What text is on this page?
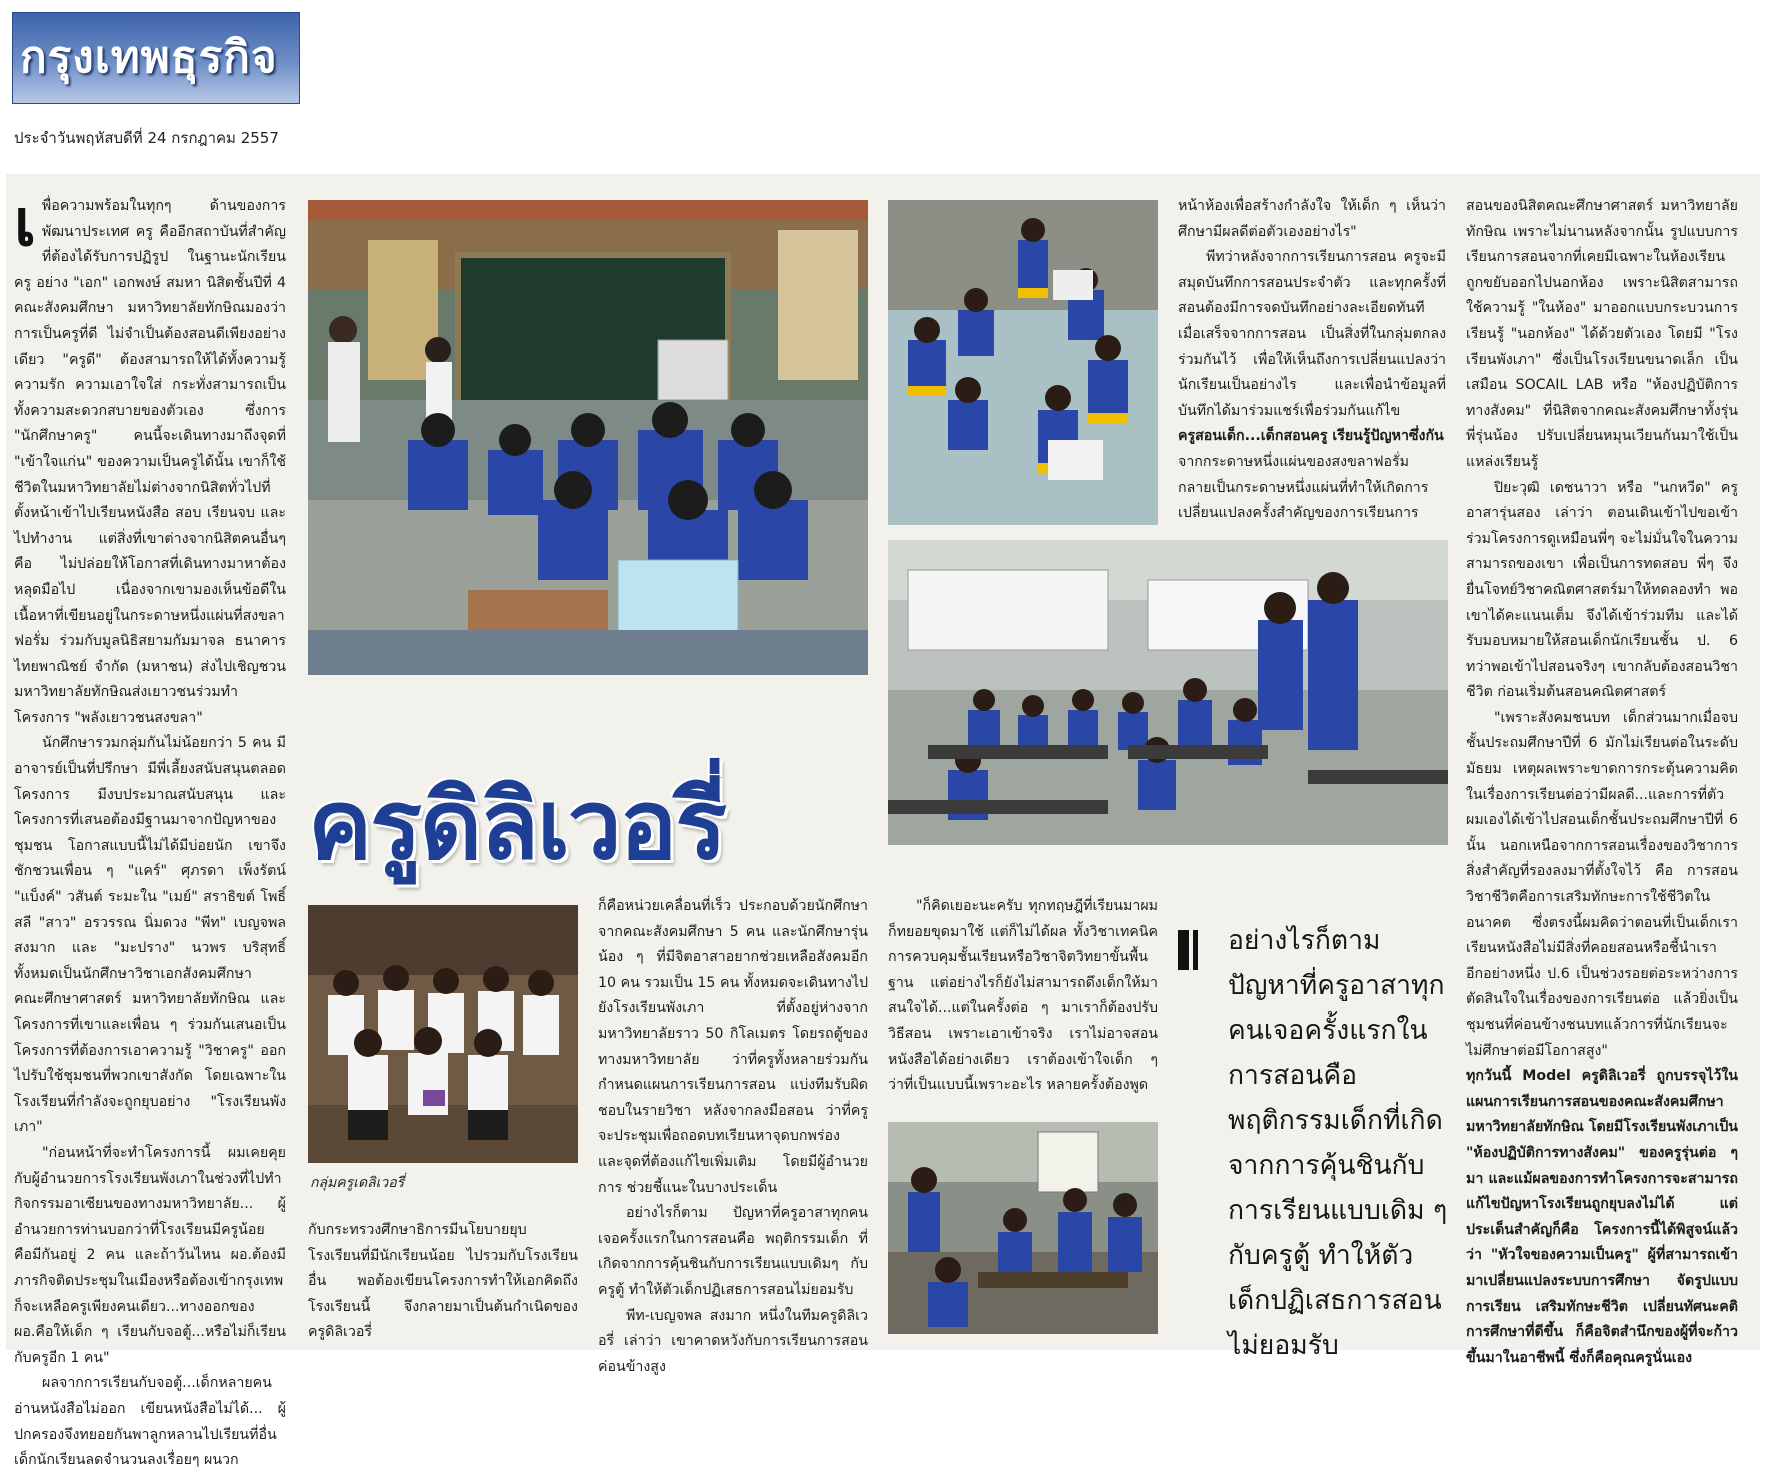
กรุงเทพธุรกิจ
ประจำวันพฤหัสบดีที่ 24 กรกฎาคม 2557
เ พื่อความพร้อมในทุกๆ ด้านของการพัฒนาประเทศ ครู คืออีกสถาบันที่สำคัญที่ต้องได้รับการปฏิรูป ในฐานะนักเรียนครู อย่าง "เอก" เอกพงษ์ สมหา นิสิตชั้นปีที่ 4 คณะสังคมศึกษา มหาวิทยาลัยทักษิณมองว่า การเป็นครูที่ดี ไม่จำเป็นต้องสอนดีเพียงอย่างเดียว "ครูดี" ต้องสามารถให้ได้ทั้งความรู้ ความรัก ความเอาใจใส่ กระทั่งสามารถเป็นทั้งความสะดวกสบายของตัวเอง ซึ่งการ "นักศึกษาครู" คนนี้จะเดินทางมาถึงจุดที่ "เข้าใจแก่น" ของความเป็นครูได้นั้น เขาก็ใช้ชีวิตในมหาวิทยาลัยไม่ต่างจากนิสิตทั่วไปที่ตั้งหน้าเข้าไปเรียนหนังสือ สอบ เรียนจบ และไปทำงาน แต่สิ่งที่เขาต่างจากนิสิตคนอื่นๆ คือ ไม่ปล่อยให้โอกาสที่เดินทางมาหาต้องหลุดมือไป เนื่องจากเขามองเห็นข้อดีในเนื้อหาที่เขียนอยู่ในกระดาษหนึ่งแผ่นที่สงขลาฟอรั่ม ร่วมกับมูลนิธิสยามกัมมาจล ธนาคารไทยพาณิชย์ จำกัด (มหาชน) ส่งไปเชิญชวนมหาวิทยาลัยทักษิณส่งเยาวชนร่วมทำโครงการ "พลังเยาวชนสงขลา"

นักศึกษารวมกลุ่มกันไม่น้อยกว่า 5 คน มีอาจารย์เป็นที่ปรึกษา มีพี่เลี้ยงสนับสนุนตลอดโครงการ มีงบประมาณสนับสนุน และโครงการที่เสนอต้องมีฐานมาจากปัญหาของชุมชน โอกาสแบบนี้ไม่ได้มีบ่อยนัก เขาจึงชักชวนเพื่อน ๆ "แคร์" ศุภรดา เพ็งรัตน์ "แบ็งค์" วสันต์ ระมะใน "เมย์" สราธิขต์ โพธิ์สลี "สาว" อรวรรณ นิ่มดวง "พีท" เบญจพล สงมาก และ "มะปราง" นวพร บริสุทธิ์ ทั้งหมดเป็นนักศึกษาวิชาเอกสังคมศึกษา คณะศึกษาศาสตร์ มหาวิทยาลัยทักษิณ และโครงการที่เขาและเพื่อน ๆ ร่วมกันเสนอเป็นโครงการที่ต้องการเอาความรู้ "วิชาครู" ออกไปรับใช้ชุมชนที่พวกเขาสังกัด โดยเฉพาะในโรงเรียนที่กำลังจะถูกยุบอย่าง "โรงเรียนพังเภา"

"ก่อนหน้าที่จะทำโครงการนี้ ผมเคยคุยกับผู้อำนวยการโรงเรียนพังเภาในช่วงที่ไปทำกิจกรรมอาเซียนของทางมหาวิทยาลัย... ผู้อำนวยการท่านบอกว่าที่โรงเรียนมีครูน้อย คือมีกันอยู่ 2 คน และถ้าวันไหน ผอ.ต้องมีภารกิจติดประชุมในเมืองหรือต้องเข้ากรุงเทพก็จะเหลือครูเพียงคนเดียว...ทางออกของ ผอ.คือให้เด็ก ๆ เรียนกับจอตู้...หรือไม่ก็เรียนกับครูอีก 1 คน"

ผลจากการเรียนกับจอตู้...เด็กหลายคนอ่านหนังสือไม่ออก เขียนหนังสือไม่ได้... ผู้ปกครองจึงทยอยกันพาลูกหลานไปเรียนที่อื่น เด็กนักเรียนลดจำนวนลงเรื่อยๆ ผนวก

ครูดิลิเวอรี่

หน้าห้องเพื่อสร้างกำลังใจ ให้เด็ก ๆ เห็นว่าศึกษามีผลดีต่อตัวเองอย่างไร"

พีทว่าหลังจากการเรียนการสอน ครูจะมีสมุดบันทึกการสอนประจำตัว และทุกครั้งที่สอนต้องมีการจดบันทึกอย่างละเอียดทันที เมื่อเสร็จจากการสอน เป็นสิ่งที่ในกลุ่มตกลงร่วมกันไว้ เพื่อให้เห็นถึงการเปลี่ยนแปลงว่านักเรียนเป็นอย่างไร และเพื่อนำข้อมูลที่บันทึกได้มาร่วมแชร์เพื่อร่วมกันแก้ไข

ครูสอนเด็ก...เด็กสอนครู เรียนรู้ปัญหาซึ่งกัน

จากกระดาษหนึ่งแผ่นของสงขลาฟอรั่ม กลายเป็นกระดาษหนึ่งแผ่นที่ทำให้เกิดการเปลี่ยนแปลงครั้งสำคัญของการเรียนการ

กลุ่มครูเดลิเวอรี่

กับกระทรวงศึกษาธิการมีนโยบายยุบโรงเรียนที่มีนักเรียนน้อย ไปรวมกับโรงเรียนอื่น พอต้องเขียนโครงการทำให้เอกคิดถึงโรงเรียนนี้ จึงกลายมาเป็นต้นกำเนิดของ ครูดิลิเวอรี่

ก็คือหน่วยเคลื่อนที่เร็ว ประกอบด้วยนักศึกษาจากคณะสังคมศึกษา 5 คน และนักศึกษารุ่นน้อง ๆ ที่มีจิตอาสาอยากช่วยเหลือสังคมอีก 10 คน รวมเป็น 15 คน ทั้งหมดจะเดินทางไปยังโรงเรียนพังเภา ที่ตั้งอยู่ห่างจากมหาวิทยาลัยราว 50 กิโลเมตร โดยรถตู้ของทางมหาวิทยาลัย ว่าที่ครูทั้งหลายร่วมกันกำหนดแผนการเรียนการสอน แบ่งทีมรับผิดชอบในรายวิชา หลังจากลงมือสอน ว่าที่ครูจะประชุมเพื่อถอดบทเรียนหาจุดบกพร่อง และจุดที่ต้องแก้ไขเพิ่มเติม โดยมีผู้อำนวยการ ช่วยชี้แนะในบางประเด็น

อย่างไรก็ตาม ปัญหาที่ครูอาสาทุกคนเจอครั้งแรกในการสอนคือ พฤติกรรมเด็ก ที่เกิดจากการคุ้นชินกับการเรียนแบบเดิมๆ กับครูตู้ ทำให้ตัวเด็กปฏิเสธการสอนไม่ยอมรับ

พีท-เบญจพล สงมาก หนึ่งในทีมครูดิลิเวอรี่ เล่าว่า เขาคาดหวังกับการเรียนการสอนค่อนข้างสูง

"ก็คิดเยอะนะครับ ทุกทฤษฎีที่เรียนมาผมก็ทยอยขุดมาใช้ แต่ก็ไม่ได้ผล ทั้งวิชาเทคนิคการควบคุมชั้นเรียนหรือวิชาจิตวิทยาขั้นพื้นฐาน แต่อย่างไรก็ยังไม่สามารถดึงเด็กให้มาสนใจได้...แต่ในครั้งต่อ ๆ มาเราก็ต้องปรับวิธีสอน เพราะเอาเข้าจริง เราไม่อาจสอนหนังสือได้อย่างเดียว เราต้องเข้าใจเด็ก ๆ ว่าที่เป็นแบบนี้เพราะอะไร หลายครั้งต้องพูด

อย่างไรก็ตาม ปัญหาที่ครูอาสาทุกคนเจอครั้งแรกในการสอนคือ พฤติกรรมเด็กที่เกิดจากการคุ้นชินกับการเรียนแบบเดิม ๆ กับครูตู้ ทำให้ตัวเด็กปฏิเสธการสอนไม่ยอมรับ

สอนของนิสิตคณะศึกษาศาสตร์ มหาวิทยาลัยทักษิณ เพราะไม่นานหลังจากนั้น รูปแบบการเรียนการสอนจากที่เคยมีเฉพาะในห้องเรียนถูกขยับออกไปนอกห้อง เพราะนิสิตสามารถใช้ความรู้ "ในห้อง" มาออกแบบกระบวนการเรียนรู้ "นอกห้อง" ได้ด้วยตัวเอง โดยมี "โรงเรียนพังเภา" ซึ่งเป็นโรงเรียนขนาดเล็ก เป็นเสมือน SOCAIL LAB หรือ "ห้องปฏิบัติการทางสังคม" ที่นิสิตจากคณะสังคมศึกษาทั้งรุ่นพี่รุ่นน้อง ปรับเปลี่ยนหมุนเวียนกันมาใช้เป็นแหล่งเรียนรู้

ปิยะวุฒิ เดชนาวา หรือ "นกหวีด" ครูอาสารุ่นสอง เล่าว่า ตอนเดินเข้าไปขอเข้าร่วมโครงการดูเหมือนพี่ๆ จะไม่มั่นใจในความสามารถของเขา เพื่อเป็นการทดสอบ พี่ๆ จึงยื่นโจทย์วิชาคณิตศาสตร์มาให้ทดลองทำ พอเขาได้คะแนนเต็ม จึงได้เข้าร่วมทีม และได้รับมอบหมายให้สอนเด็กนักเรียนชั้น ป. 6 ทว่าพอเข้าไปสอนจริงๆ เขากลับต้องสอนวิชาชีวิต ก่อนเริ่มต้นสอนคณิตศาสตร์

"เพราะสังคมชนบท เด็กส่วนมากเมื่อจบชั้นประถมศึกษาปีที่ 6 มักไม่เรียนต่อในระดับมัธยม เหตุผลเพราะขาดการกระตุ้นความคิดในเรื่องการเรียนต่อว่ามีผลดี...และการที่ตัวผมเองได้เข้าไปสอนเด็กชั้นประถมศึกษาปีที่ 6 นั้น นอกเหนือจากการสอนเรื่องของวิชาการสิ่งสำคัญที่รองลงมาที่ตั้งใจไว้ คือ การสอนวิชาชีวิตคือการเสริมทักษะการใช้ชีวิตในอนาคต ซึ่งตรงนี้ผมคิดว่าตอนที่เป็นเด็กเราเรียนหนังสือไม่มีสิ่งที่คอยสอนหรือชี้นำเรา อีกอย่างหนึ่ง ป.6 เป็นช่วงรอยต่อระหว่างการตัดสินใจในเรื่องของการเรียนต่อ แล้วยิ่งเป็นชุมชนที่ค่อนข้างชนบทแล้วการที่นักเรียนจะไม่ศึกษาต่อมีโอกาสสูง"

ทุกวันนี้ Model ครูดิลิเวอรี่ ถูกบรรจุไว้ในแผนการเรียนการสอนของคณะสังคมศึกษา มหาวิทยาลัยทักษิณ โดยมีโรงเรียนพังเภาเป็น "ห้องปฏิบัติการทางสังคม" ของครูรุ่นต่อ ๆ มา และแม้ผลของการทำโครงการจะสามารถแก้ไขปัญหาโรงเรียนถูกยุบลงไม่ได้ แต่ประเด็นสำคัญก็คือ โครงการนี้ได้พิสูจน์แล้วว่า "หัวใจของความเป็นครู" ผู้ที่สามารถเข้ามาเปลี่ยนแปลงระบบการศึกษา จัดรูปแบบการเรียน เสริมทักษะชีวิต เปลี่ยนทัศนะคติการศึกษาที่ดีขึ้น ก็คือจิตสำนึกของผู้ที่จะก้าวขึ้นมาในอาชีพนี้ ซึ่งก็คือคุณครูนั่นเอง
